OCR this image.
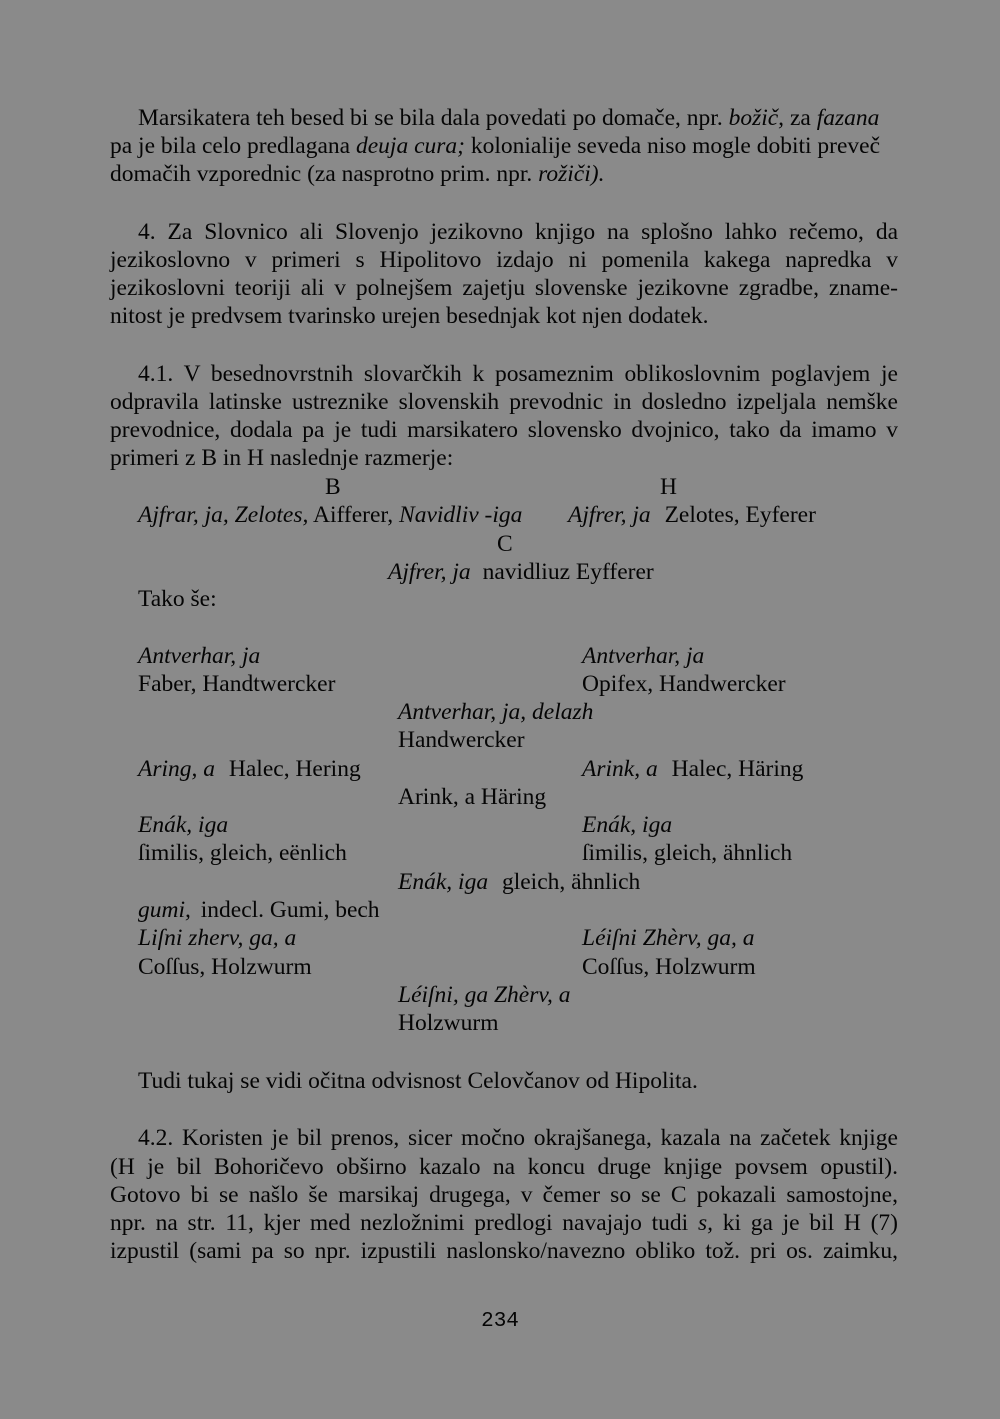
Marsikatera teh besed bi se bila dala povedati po domače, npr. božič, za fazana
pa je bila celo predlagana deuja cura; kolonialije seveda niso mogle dobiti preveč
domačih vzporednic (za nasprotno prim. npr. rožiči).
4. Za Slovnico ali Slovenjo jezikovno knjigo na splošno lahko rečemo, da
jezikoslovno v primeri s Hipolitovo izdajo ni pomenila kakega napredka v
jezikoslovni teoriji ali v polnejšem zajetju slovenske jezikovne zgradbe, zname-
nitost je predvsem tvarinsko urejen besednjak kot njen dodatek.
4.1. V besednovrstnih slovarčkih k posameznim oblikoslovnim poglavjem je
odpravila latinske ustreznike slovenskih prevodnic in dosledno izpeljala nemške
prevodnice, dodala pa je tudi marsikatero slovensko dvojnico, tako da imamo v
primeri z B in H naslednje razmerje:
B	H
Ajfrar, ja, Zelotes, Aifferer, Navidliv -iga Ajfrer, ja Zelotes, Eyferer
C
Ajfrer, ja navidliuz Eyfferer
Tako še:
Antverhar, ja
Faber, Handtwercker
Antverhar, ja
Opifex, Handwercker
Antverhar, ja, delazh
Handwercker
Aring, a Halec, Hering	Arink, a Halec, Häring
Arink, a Häring
Enák, iga
ſimilis, gleich, eënlich
Enák, iga
ſimilis, gleich, ähnlich
Enák, iga gleich, ähnlich
gumi, indecl. Gumi, bech
Liſni zherv, ga, a
Coſſus, Holzwurm
Léiſni Zhèrv, ga, a
Coſſus, Holzwurm
Léiſni, ga Zhèrv, a
Holzwurm
Tudi tukaj se vidi očitna odvisnost Celovčanov od Hipolita.
4.2. Koristen je bil prenos, sicer močno okrajšanega, kazala na začetek knjige
(H je bil Bohoričevo obširno kazalo na koncu druge knjige povsem opustil).
Gotovo bi se našlo še marsikaj drugega, v čemer so se C pokazali samostojne,
npr. na str. 11, kjer med nezložnimi predlogi navajajo tudi s, ki ga je bil H (7)
izpustil (sami pa so npr. izpustili naslonsko/navezno obliko tož. pri os. zaimku,
234
